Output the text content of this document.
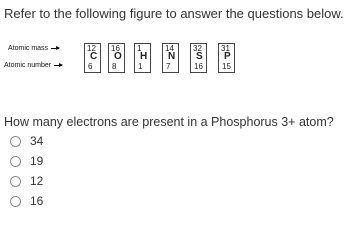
Refer to the following figure to answer the questions below.
Atomic mass
Atomic number
12
C
6
16
O
8
1
H
1
14
N
7
32
S
16
31
P
15
How many electrons are present in a Phosphorus 3+ atom?
34
19
12
16
